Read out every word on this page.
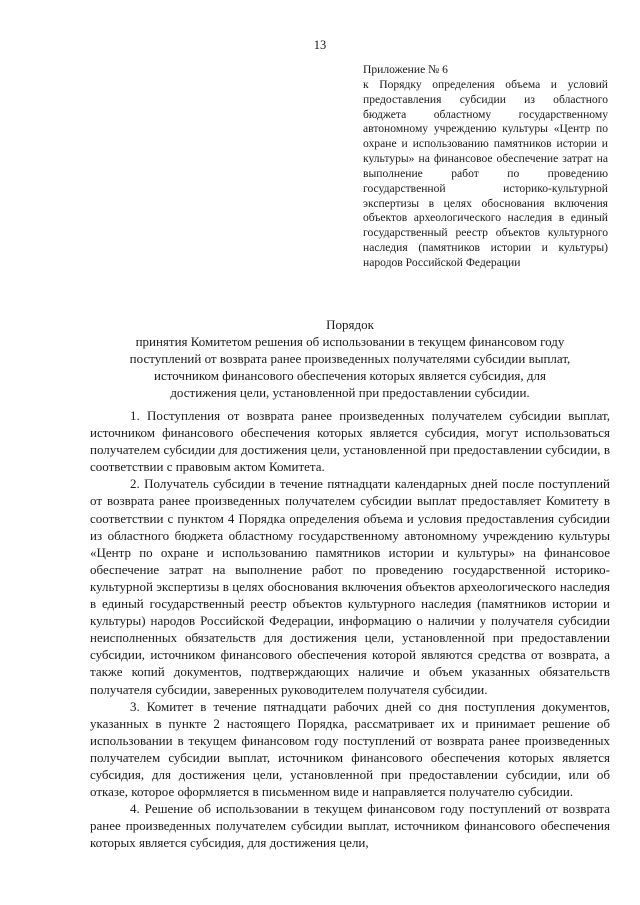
13
Приложение № 6
к Порядку определения объема и условий предоставления субсидии из областного бюджета областному государственному автономному учреждению культуры «Центр по охране и использованию памятников истории и культуры» на финансовое обеспечение затрат на выполнение работ по проведению государственной историко-культурной экспертизы в целях обоснования включения объектов археологического наследия в единый государственный реестр объектов культурного наследия (памятников истории и культуры) народов Российской Федерации
Порядок
принятия Комитетом решения об использовании в текущем финансовом году поступлений от возврата ранее произведенных получателями субсидии выплат, источником финансового обеспечения которых является субсидия, для достижения цели, установленной при предоставлении субсидии.

1. Поступления от возврата ранее произведенных получателем субсидии выплат, источником финансового обеспечения которых является субсидия, могут использоваться получателем субсидии для достижения цели, установленной при предоставлении субсидии, в соответствии с правовым актом Комитета.

2. Получатель субсидии в течение пятнадцати календарных дней после поступлений от возврата ранее произведенных получателем субсидии выплат предоставляет Комитету в соответствии с пунктом 4 Порядка определения объема и условия предоставления субсидии из областного бюджета областному государственному автономному учреждению культуры «Центр по охране и использованию памятников истории и культуры» на финансовое обеспечение затрат на выполнение работ по проведению государственной историко-культурной экспертизы в целях обоснования включения объектов археологического наследия в единый государственный реестр объектов культурного наследия (памятников истории и культуры) народов Российской Федерации, информацию о наличии у получателя субсидии неисполненных обязательств для достижения цели, установленной при предоставлении субсидии, источником финансового обеспечения которой являются средства от возврата, а также копий документов, подтверждающих наличие и объем указанных обязательств получателя субсидии, заверенных руководителем получателя субсидии.

3. Комитет в течение пятнадцати рабочих дней со дня поступления документов, указанных в пункте 2 настоящего Порядка, рассматривает их и принимает решение об использовании в текущем финансовом году поступлений от возврата ранее произведенных получателем субсидии выплат, источником финансового обеспечения которых является субсидия, для достижения цели, установленной при предоставлении субсидии, или об отказе, которое оформляется в письменном виде и направляется получателю субсидии.

4. Решение об использовании в текущем финансовом году поступлений от возврата ранее произведенных получателем субсидии выплат, источником финансового обеспечения которых является субсидия, для достижения цели,
